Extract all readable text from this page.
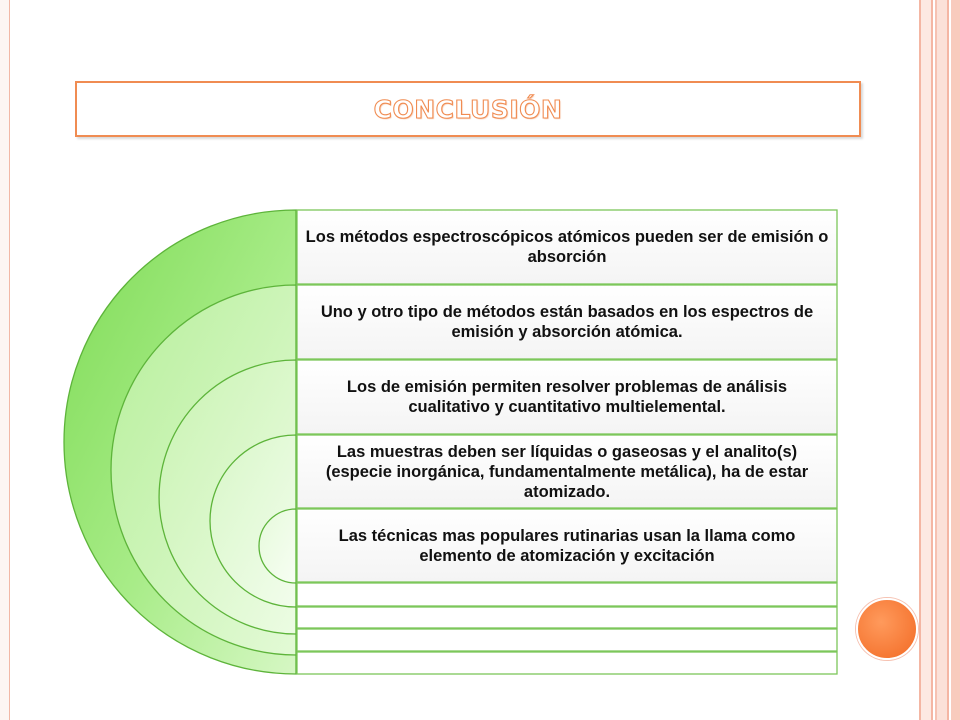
CONCLUSIÓN
Los métodos espectroscópicos atómicos pueden ser de emisión o absorción
Uno y otro tipo de métodos están basados en los espectros de emisión y absorción atómica.
Los de emisión permiten resolver problemas de análisis cualitativo y cuantitativo multielemental.
Las muestras deben ser líquidas o gaseosas y el analito(s) (especie inorgánica, fundamentalmente metálica), ha de estar atomizado.
Las técnicas mas populares rutinarias usan la llama como elemento de atomización y excitación
